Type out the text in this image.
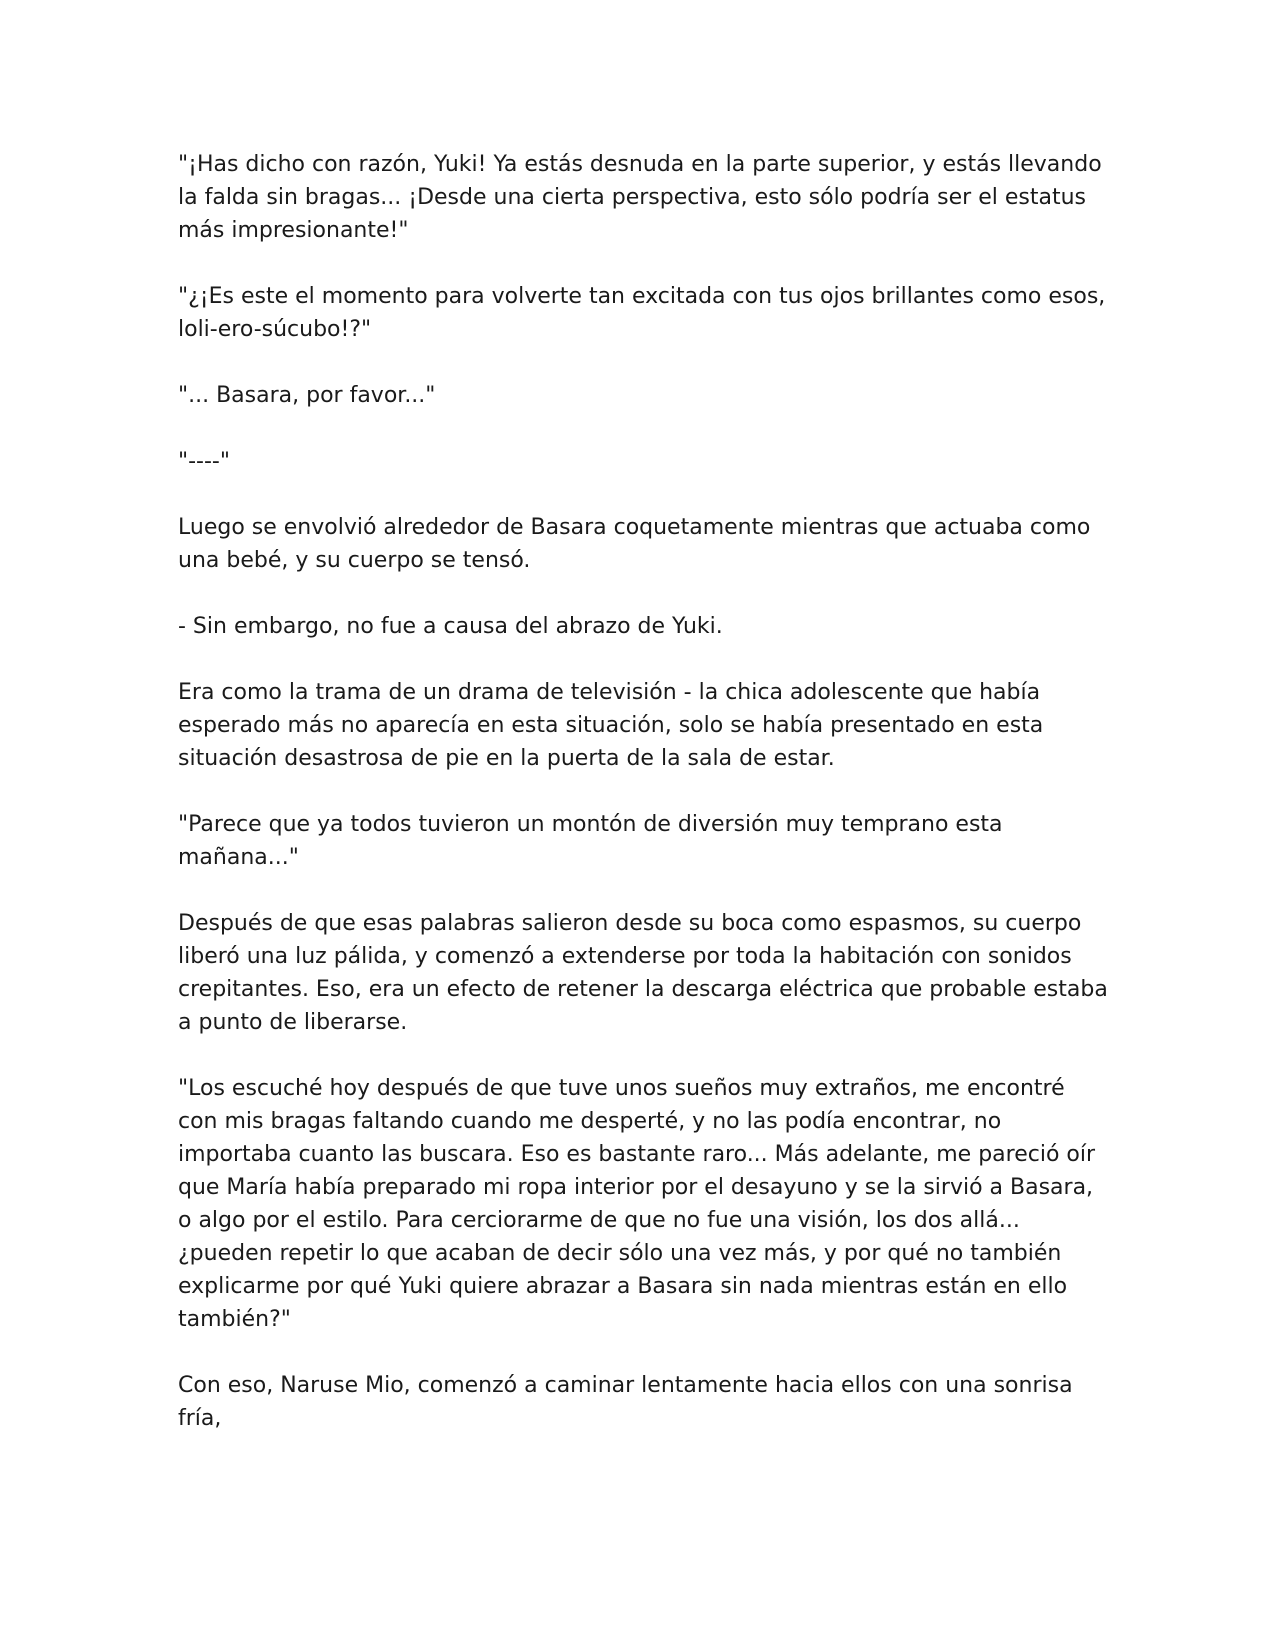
"¡Has dicho con razón, Yuki! Ya estás desnuda en la parte superior, y estás llevando la falda sin bragas... ¡Desde una cierta perspectiva, esto sólo podría ser el estatus más impresionante!"

"¿¡Es este el momento para volverte tan excitada con tus ojos brillantes como esos, loli-ero-súcubo!?"

"... Basara, por favor..."

"----"

Luego se envolvió alrededor de Basara coquetamente mientras que actuaba como una bebé, y su cuerpo se tensó.

- Sin embargo, no fue a causa del abrazo de Yuki.

Era como la trama de un drama de televisión - la chica adolescente que había esperado más no aparecía en esta situación, solo se había presentado en esta situación desastrosa de pie en la puerta de la sala de estar.

"Parece que ya todos tuvieron un montón de diversión muy temprano esta mañana..."

Después de que esas palabras salieron desde su boca como espasmos, su cuerpo liberó una luz pálida, y comenzó a extenderse por toda la habitación con sonidos crepitantes. Eso, era un efecto de retener la descarga eléctrica que probable estaba a punto de liberarse.

"Los escuché hoy después de que tuve unos sueños muy extraños, me encontré con mis bragas faltando cuando me desperté, y no las podía encontrar, no importaba cuanto las buscara. Eso es bastante raro... Más adelante, me pareció oír que María había preparado mi ropa interior por el desayuno y se la sirvió a Basara, o algo por el estilo. Para cerciorarme de que no fue una visión, los dos allá... ¿pueden repetir lo que acaban de decir sólo una vez más, y por qué no también explicarme por qué Yuki quiere abrazar a Basara sin nada mientras están en ello también?"

Con eso, Naruse Mio, comenzó a caminar lentamente hacia ellos con una sonrisa fría,
